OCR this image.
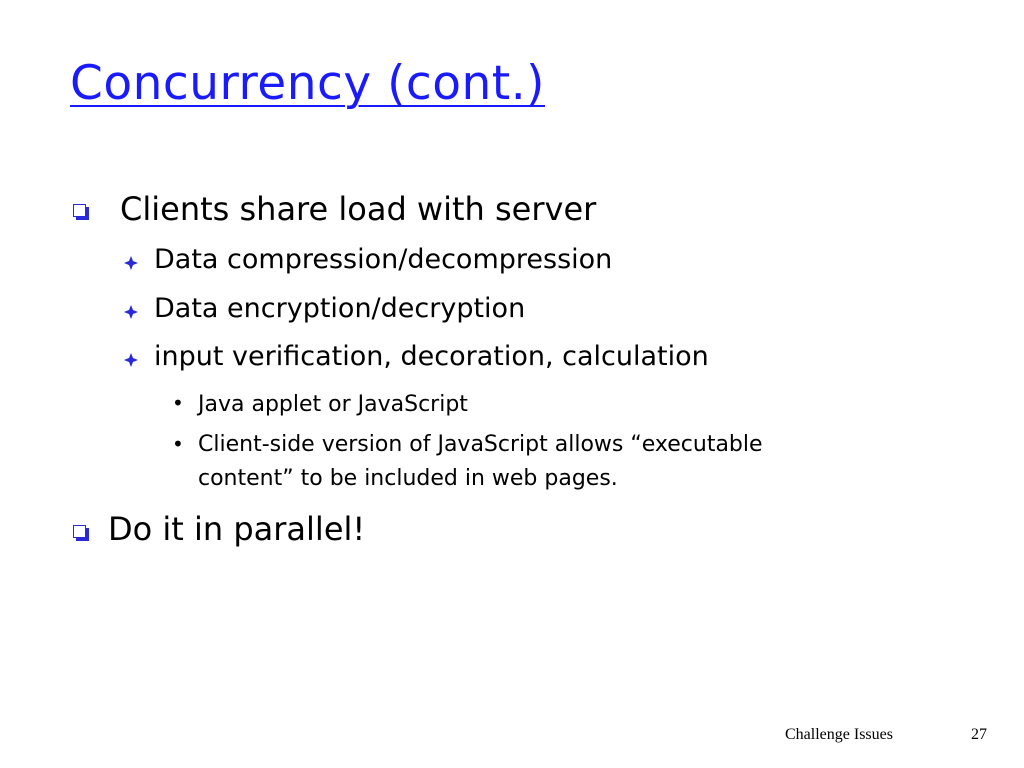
Concurrency (cont.)
Clients share load with server
Data compression/decompression
Data encryption/decryption
input verification, decoration, calculation
• Java applet or JavaScript
• Client-side version of JavaScript allows “executable
content” to be included in web pages.
Do it in parallel!
Challenge Issues	27
